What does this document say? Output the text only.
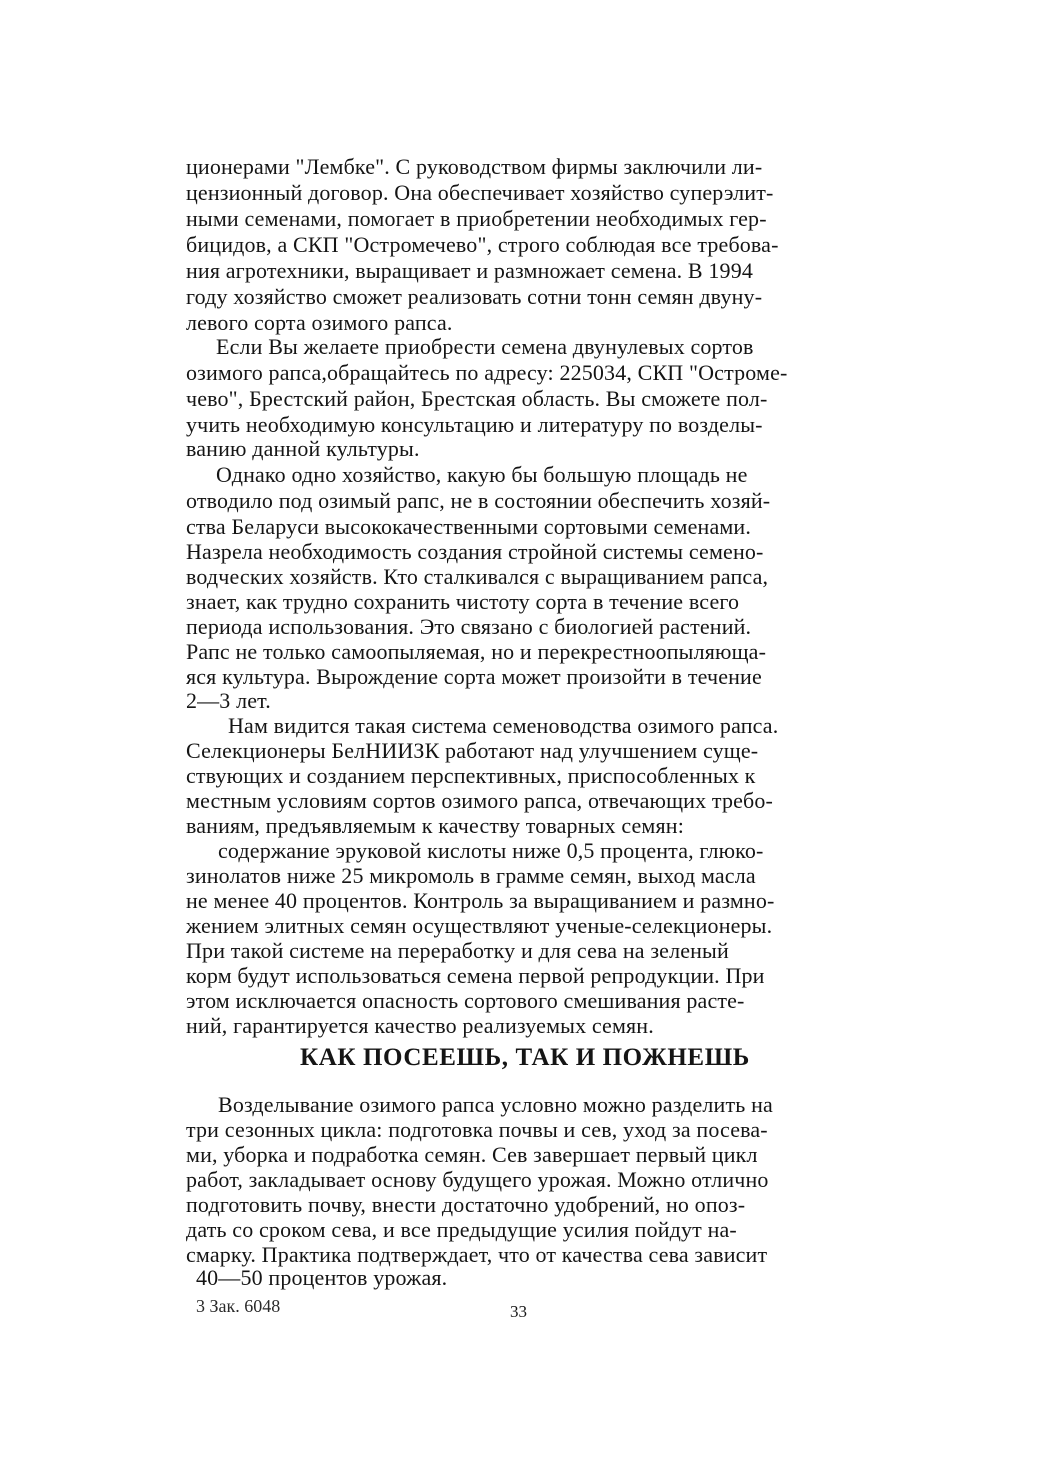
ционерами "Лембке". С руководством фирмы заключили ли-
цензионный договор. Она обеспечивает хозяйство суперэлит-
ными семенами, помогает в приобретении необходимых гер-
бицидов, а СКП "Остромечево", строго соблюдая все требова-
ния агротехники, выращивает и размножает семена. В 1994
году хозяйство сможет реализовать сотни тонн семян двуну-
левого сорта озимого рапса.
Если Вы желаете приобрести семена двунулевых сортов
озимого рапса,обращайтесь по адресу: 225034, СКП "Остроме-
чево", Брестский район, Брестская область. Вы сможете пол-
учить необходимую консультацию и литературу по возделы-
ванию данной культуры.
Однако одно хозяйство, какую бы большую площадь не
отводило под озимый рапс, не в состоянии обеспечить хозяй-
ства Беларуси высококачественными сортовыми семенами.
Назрела необходимость создания стройной системы семено-
водческих хозяйств. Кто сталкивался с выращиванием рапса,
знает, как трудно сохранить чистоту сорта в течение всего
периода использования. Это связано с биологией растений.
Рапс не только самоопыляемая, но и перекрестноопыляюща-
яся культура. Вырождение сорта может произойти в течение
2—3 лет.
Нам видится такая система семеноводства озимого рапса.
Селекционеры БелНИИЗК работают над улучшением суще-
ствующих и созданием перспективных, приспособленных к
местным условиям сортов озимого рапса, отвечающих требо-
ваниям, предъявляемым к качеству товарных семян:
содержание эруковой кислоты ниже 0,5 процента, глюко-
зинолатов ниже 25 микромоль в грамме семян, выход масла
не менее 40 процентов. Контроль за выращиванием и размно-
жением элитных семян осуществляют ученые-селекционеры.
При такой системе на переработку и для сева на зеленый
корм будут использоваться семена первой репродукции. При
этом исключается опасность сортового смешивания расте-
ний, гарантируется качество реализуемых семян.
КАК ПОСЕЕШЬ, ТАК И ПОЖНЕШЬ
Возделывание озимого рапса условно можно разделить на
три сезонных цикла: подготовка почвы и сев, уход за посева-
ми, уборка и подработка семян. Сев завершает первый цикл
работ, закладывает основу будущего урожая. Можно отлично
подготовить почву, внести достаточно удобрений, но опоз-
дать со сроком сева, и все предыдущие усилия пойдут на-
смарку. Практика подтверждает, что от качества сева зависит
40—50 процентов урожая.
3 Зак. 6048	33
